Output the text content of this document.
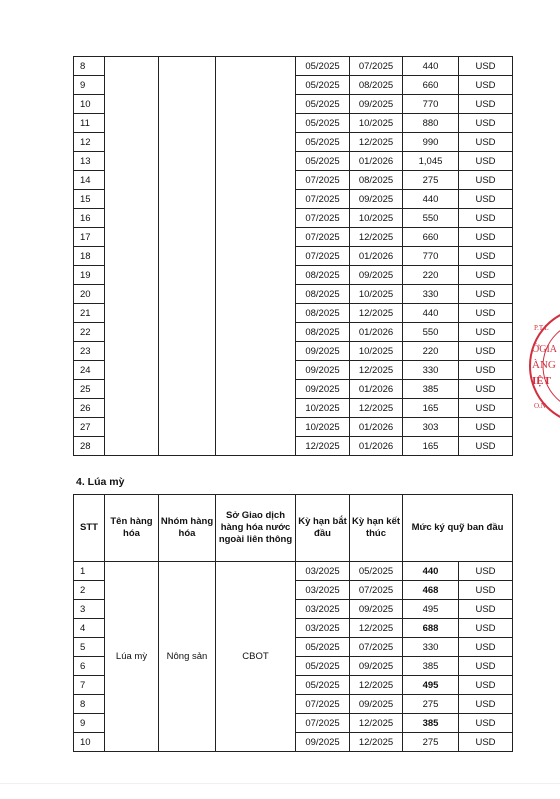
8				05/2025	07/2025	440	USD
9				05/2025	08/2025	660	USD
10				05/2025	09/2025	770	USD
11				05/2025	10/2025	880	USD
12				05/2025	12/2025	990	USD
13				05/2025	01/2026	1,045	USD
14				07/2025	08/2025	275	USD
15				07/2025	09/2025	440	USD
16				07/2025	10/2025	550	USD
17				07/2025	12/2025	660	USD
18				07/2025	01/2026	770	USD
19				08/2025	09/2025	220	USD
20				08/2025	10/2025	330	USD
21				08/2025	12/2025	440	USD
22				08/2025	01/2026	550	USD
23				09/2025	10/2025	220	USD
24				09/2025	12/2025	330	USD
25				09/2025	01/2026	385	USD
26				10/2025	12/2025	165	USD
27				10/2025	01/2026	303	USD
28				12/2025	01/2026	165	USD
4. Lúa mỳ
STT	Tên hàng hóa	Nhóm hàng hóa	Sở Giao dịch hàng hóa nước ngoài liên thông	Kỳ hạn bắt đầu	Kỳ hạn kết thúc	Mức ký quỹ ban đầu	
1	Lúa mỳ	Nông sản	CBOT	03/2025	05/2025	440	USD
2				03/2025	07/2025	468	USD
3				03/2025	09/2025	495	USD
4				03/2025	12/2025	688	USD
5				05/2025	07/2025	330	USD
6				05/2025	09/2025	385	USD
7				05/2025	12/2025	495	USD
8				07/2025	09/2025	275	USD
9				07/2025	12/2025	385	USD
10				09/2025	12/2025	275	USD
P.T.L
ỞGIA
ÀNG
IỆT
O.N
